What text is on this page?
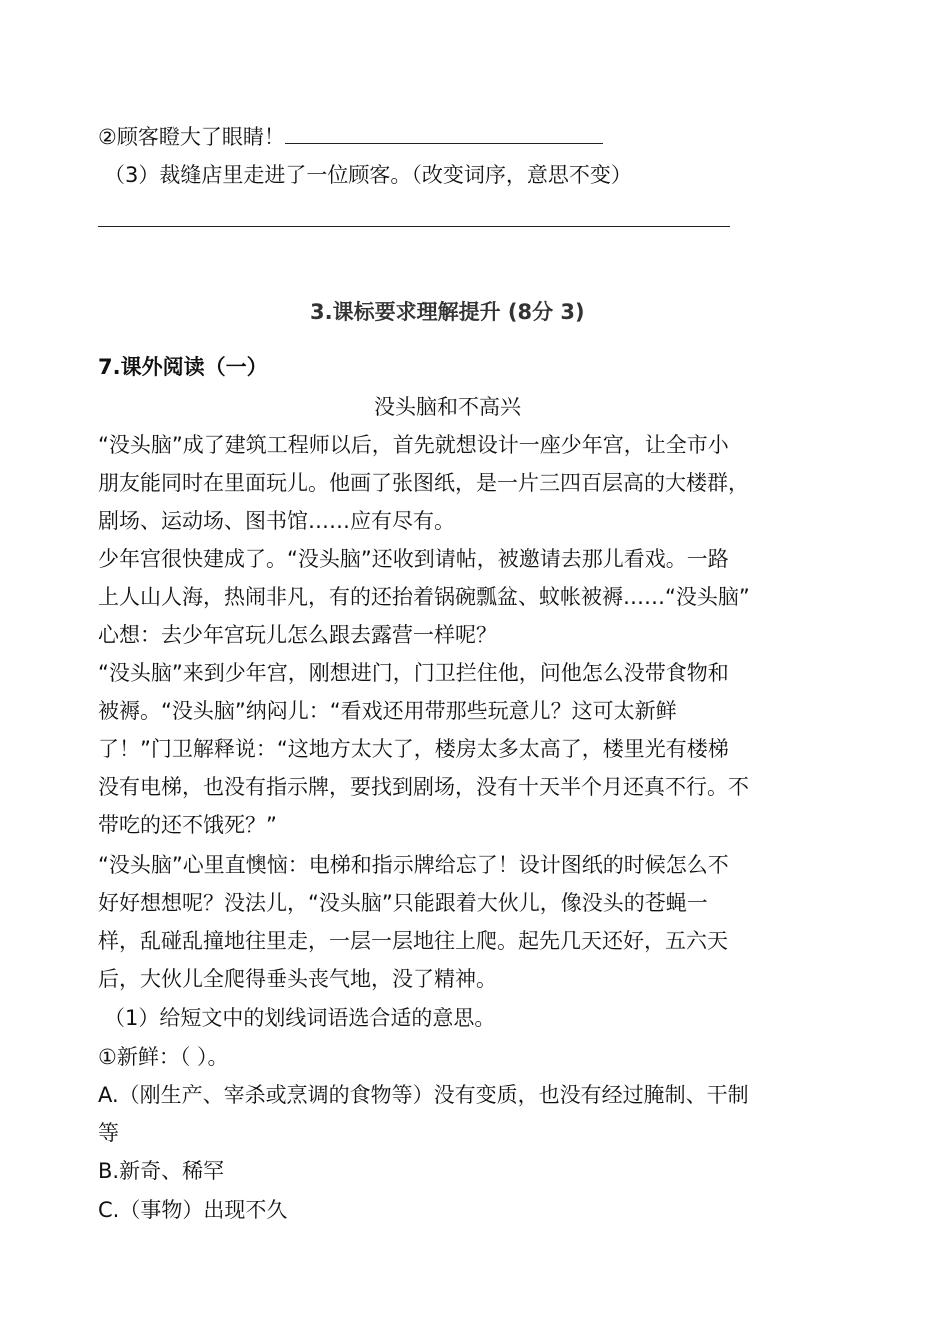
②顾客瞪大了眼睛！
（3）裁缝店里走进了一位顾客。（改变词序，意思不变）
3.课标要求理解提升 (8分 3)
7.课外阅读（一）
没头脑和不高兴
“没头脑”成了建筑工程师以后，首先就想设计一座少年宫，让全市小
朋友能同时在里面玩儿。他画了张图纸，是一片三四百层高的大楼群，
剧场、运动场、图书馆……应有尽有。
少年宫很快建成了。“没头脑”还收到请帖，被邀请去那儿看戏。一路
上人山人海，热闹非凡，有的还抬着锅碗瓢盆、蚊帐被褥……“没头脑”
心想：去少年宫玩儿怎么跟去露营一样呢？
“没头脑”来到少年宫，刚想进门，门卫拦住他，问他怎么没带食物和
被褥。“没头脑”纳闷儿：“看戏还用带那些玩意儿？这可太新鲜
了！”门卫解释说：“这地方太大了，楼房太多太高了，楼里光有楼梯
没有电梯，也没有指示牌，要找到剧场，没有十天半个月还真不行。不
带吃的还不饿死？”
“没头脑”心里直懊恼：电梯和指示牌给忘了！设计图纸的时候怎么不
好好想想呢？没法儿，“没头脑”只能跟着大伙儿，像没头的苍蝇一
样，乱碰乱撞地往里走，一层一层地往上爬。起先几天还好，五六天
后，大伙儿全爬得垂头丧气地，没了精神。
（1）给短文中的划线词语选合适的意思。
①新鲜：（ ）。
A.（刚生产、宰杀或烹调的食物等）没有变质，也没有经过腌制、干制
等
B.新奇、稀罕
C.（事物）出现不久
